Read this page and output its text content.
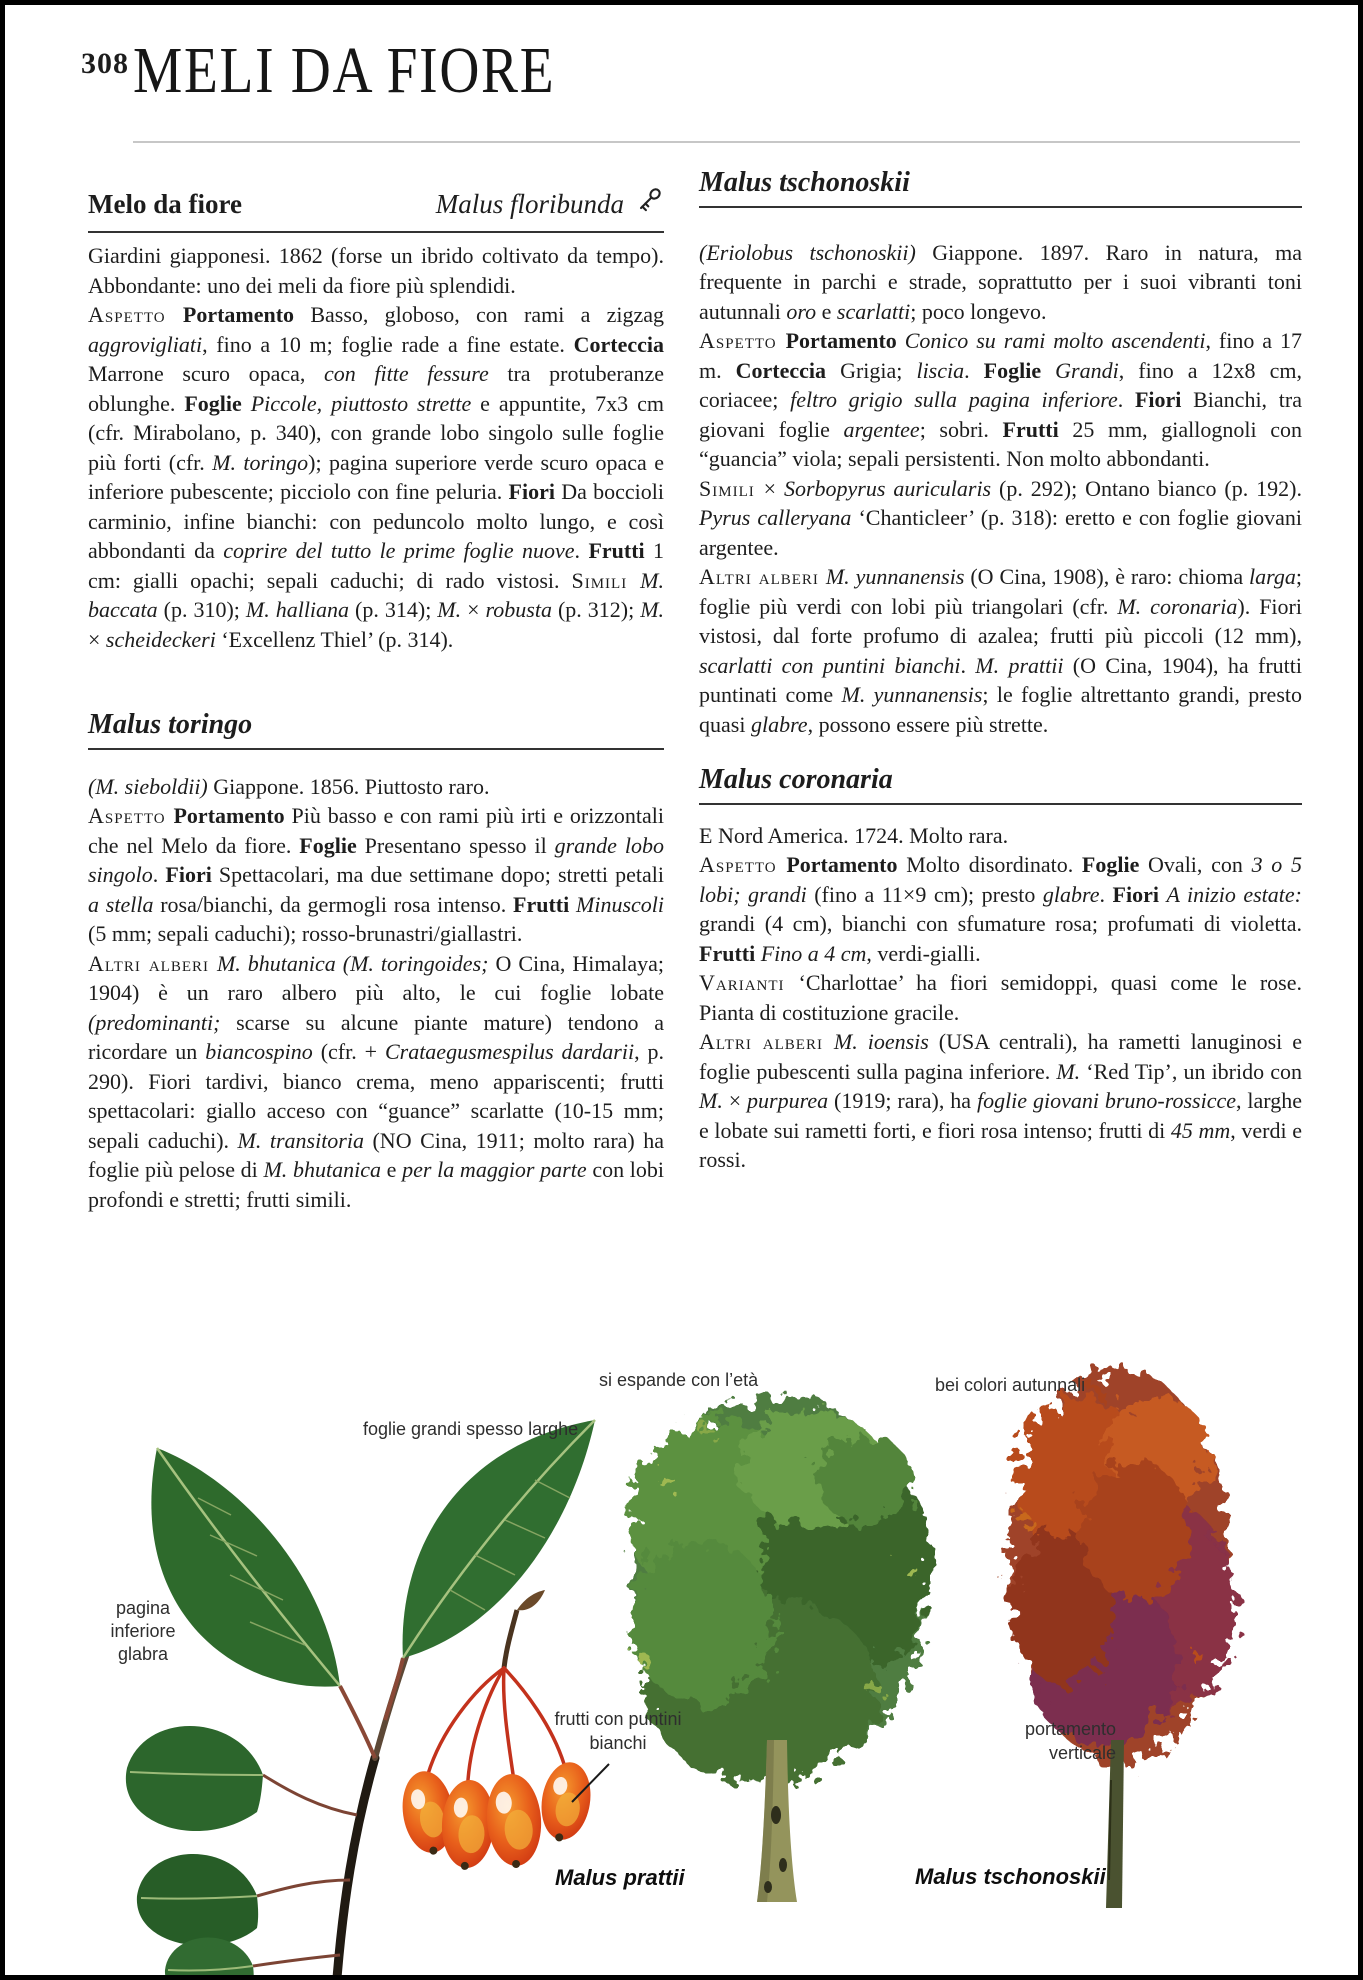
308 MELI DA FIORE
Melo da fiore	Malus floribunda

Giardini giapponesi. 1862 (forse un ibrido coltivato da tempo). Abbondante: uno dei meli da fiore più splendidi.

Aspetto Portamento Basso, globoso, con rami a zigzag aggrovigliati, fino a 10 m; foglie rade a fine estate. Corteccia Marrone scuro opaca, con fitte fessure tra protuberanze oblunghe. Foglie Piccole, piuttosto strette e appuntite, 7x3 cm (cfr. Mirabolano, p. 340), con grande lobo singolo sulle foglie più forti (cfr. M. toringo); pagina superiore verde scuro opaca e inferiore pubescente; picciolo con fine peluria. Fiori Da boccioli carminio, infine bianchi: con peduncolo molto lungo, e così abbondanti da coprire del tutto le prime foglie nuove. Frutti 1 cm: gialli opachi; sepali caduchi; di rado vistosi. Simili M. baccata (p. 310); M. halliana (p. 314); M. × robusta (p. 312); M. × scheideckeri ‘Excellenz Thiel’ (p. 314).

Malus toringo

(M. sieboldii) Giappone. 1856. Piuttosto raro.

Aspetto Portamento Più basso e con rami più irti e orizzontali che nel Melo da fiore. Foglie Presentano spesso il grande lobo singolo. Fiori Spettacolari, ma due settimane dopo; stretti petali a stella rosa/bianchi, da germogli rosa intenso. Frutti Minuscoli (5 mm; sepali caduchi); rosso-brunastri/giallastri.

Altri alberi M. bhutanica (M. toringoides; O Cina, Himalaya; 1904) è un raro albero più alto, le cui foglie lobate (predominanti; scarse su alcune piante mature) tendono a ricordare un biancospino (cfr. + Crataegusmespilus dardarii, p. 290). Fiori tardivi, bianco crema, meno appariscenti; frutti spettacolari: giallo acceso con “guance” scarlatte (10-15 mm; sepali caduchi). M. transitoria (NO Cina, 1911; molto rara) ha foglie più pelose di M. bhutanica e per la maggior parte con lobi profondi e stretti; frutti simili.

Malus tschonoskii

(Eriolobus tschonoskii) Giappone. 1897. Raro in natura, ma frequente in parchi e strade, soprattutto per i suoi vibranti toni autunnali oro e scarlatti; poco longevo.

Aspetto Portamento Conico su rami molto ascendenti, fino a 17 m. Corteccia Grigia; liscia. Foglie Grandi, fino a 12x8 cm, coriacee; feltro grigio sulla pagina inferiore. Fiori Bianchi, tra giovani foglie argentee; sobri. Frutti 25 mm, giallognoli con “guancia” viola; sepali persistenti. Non molto abbondanti.

Simili × Sorbopyrus auricularis (p. 292); Ontano bianco (p. 192). Pyrus calleryana ‘Chanticleer’ (p. 318): eretto e con foglie giovani argentee.

Altri alberi M. yunnanensis (O Cina, 1908), è raro: chioma larga; foglie più verdi con lobi più triangolari (cfr. M. coronaria). Fiori vistosi, dal forte profumo di azalea; frutti più piccoli (12 mm), scarlatti con puntini bianchi. M. prattii (O Cina, 1904), ha frutti puntinati come M. yunnanensis; le foglie altrettanto grandi, presto quasi glabre, possono essere più strette.

Malus coronaria

E Nord America. 1724. Molto rara.

Aspetto Portamento Molto disordinato. Foglie Ovali, con 3 o 5 lobi; grandi (fino a 11×9 cm); presto glabre. Fiori A inizio estate: grandi (4 cm), bianchi con sfumature rosa; profumati di violetta. Frutti Fino a 4 cm, verdi-gialli.

Varianti ‘Charlottae’ ha fiori semidoppi, quasi come le rose. Pianta di costituzione gracile.

Altri alberi M. ioensis (USA centrali), ha rametti lanuginosi e foglie pubescenti sulla pagina inferiore. M. ‘Red Tip’, un ibrido con M. × purpurea (1919; rara), ha foglie giovani bruno-rossicce, larghe e lobate sui rametti forti, e fiori rosa intenso; frutti di 45 mm, verdi e rossi.

foglie grandi spesso larghe
si espande con l’età	bei colori autunnali
pagina
inferiore
glabra
frutti con puntini
bianchi
portamento
verticale
Malus prattii	Malus tschonoskii
